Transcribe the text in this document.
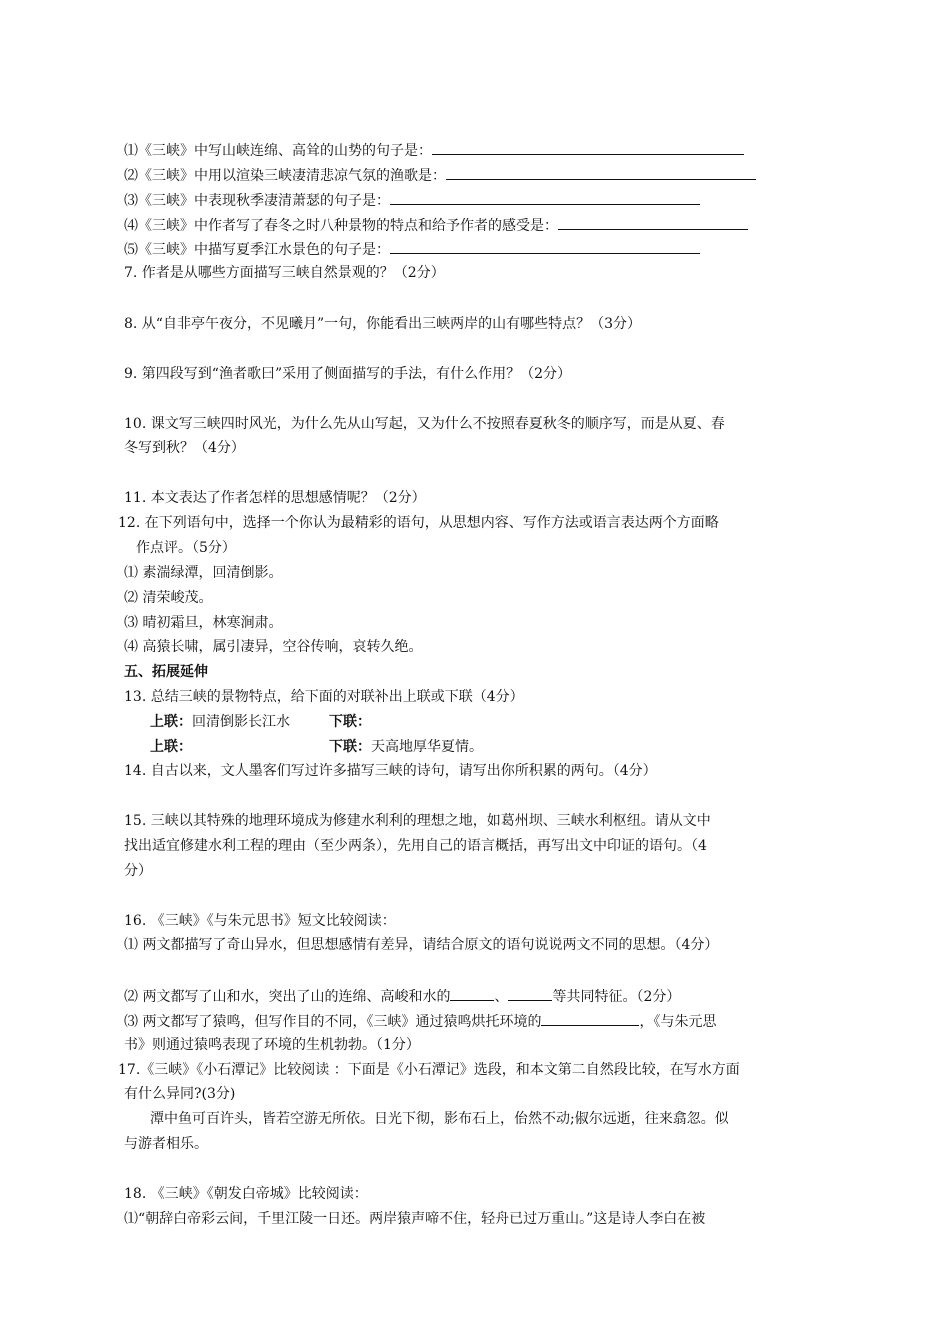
⑴《三峡》中写山峡连绵、高耸的山势的句子是：
⑵《三峡》中用以渲染三峡凄清悲凉气氛的渔歌是：
⑶《三峡》中表现秋季凄清萧瑟的句子是：
⑷《三峡》中作者写了春冬之时八种景物的特点和给予作者的感受是：
⑸《三峡》中描写夏季江水景色的句子是：
7. 作者是从哪些方面描写三峡自然景观的？（2分）
8. 从“自非亭午夜分，不见曦月”一句，你能看出三峡两岸的山有哪些特点？（3分）
9. 第四段写到“渔者歌曰”采用了侧面描写的手法，有什么作用？（2分）
10. 课文写三峡四时风光，为什么先从山写起，又为什么不按照春夏秋冬的顺序写，而是从夏、春
冬写到秋？（4分）
11. 本文表达了作者怎样的思想感情呢？（2分）
12. 在下列语句中，选择一个你认为最精彩的语句，从思想内容、写作方法或语言表达两个方面略
作点评。（5分）
⑴ 素湍绿潭，回清倒影。
⑵ 清荣峻茂。
⑶ 晴初霜旦，林寒涧肃。
⑷ 高猿长啸，属引凄异，空谷传响，哀转久绝。
五、拓展延伸
13. 总结三峡的景物特点，给下面的对联补出上联或下联（4分）
上联：回清倒影长江水	下联：
上联：	下联：天高地厚华夏情。
14. 自古以来，文人墨客们写过许多描写三峡的诗句，请写出你所积累的两句。（4分）
15. 三峡以其特殊的地理环境成为修建水利利的理想之地，如葛州坝、三峡水利枢纽。请从文中
找出适宜修建水利工程的理由（至少两条），先用自己的语言概括，再写出文中印证的语句。（4
分）
16. 《三峡》《与朱元思书》短文比较阅读：
⑴ 两文都描写了奇山异水，但思想感情有差异，请结合原文的语句说说两文不同的思想。（4分）
⑵ 两文都写了山和水，突出了山的连绵、高峻和水的	、	等共同特征。（2分）
⑶ 两文都写了猿鸣，但写作目的不同，《三峡》通过猿鸣烘托环境的	，《与朱元思
书》则通过猿鸣表现了环境的生机勃勃。（1分）
17.《三峡》《小石潭记》比较阅读 ：下面是《小石潭记》选段，和本文第二自然段比较，在写水方面
有什么异同?(3分)
潭中鱼可百许头，皆若空游无所依。日光下彻，影布石上，佁然不动;俶尔远逝，往来翕忽。似
与游者相乐。
18. 《三峡》《朝发白帝城》比较阅读：
⑴“朝辞白帝彩云间，千里江陵一日还。两岸猿声啼不住，轻舟已过万重山。”这是诗人李白在被
